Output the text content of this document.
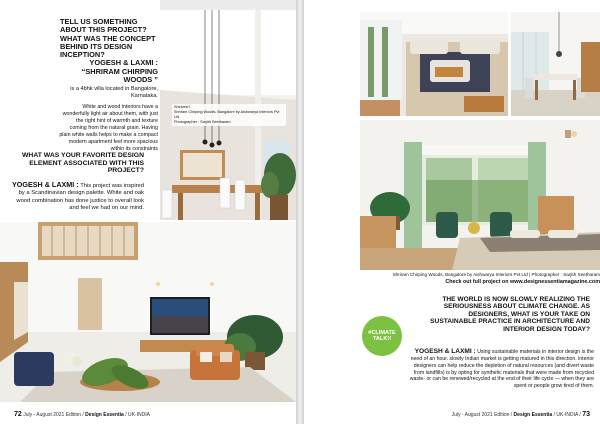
TELL US SOMETHING ABOUT THIS PROJECT? WHAT WAS THE CONCEPT BEHIND ITS DESIGN INCEPTION?
YOGESH & LAXMI :
“SHRIRAM CHIRPING WOODS ”
is a 4bhk villa located in Bangalore, Karnataka.
White and wood interiors have a wonderfully light air about them, with just the right hint of warmth and texture coming from the natural grain. Having plain white walls helps to make a compact modern apartment feel more spacious within its constraints
Shelves!!
Shriram Chirping Woods, Bangalore by Aishwarya Interiors Pvt Ltd
Photographer : Sarjith Seetharam
WHAT WAS YOUR FAVORITE DESIGN ELEMENT ASSOCIATED WITH THIS PROJECT?
YOGESH & LAXMI : This project was inspired by a Scandinavian design palette. White and oak wood combination has done justice to overall look and feel we had on our mind.
72 July - August 2021 Edition / Design Essentia / UK-INDIA
Shriram Chirping Woods, Bangalore by Aishwarya Interiors Pvt Ltd | Photographer : Sarjith Seetharam
Check out full project on www.designessentiamagazine.com
THE WORLD IS NOW SLOWLY REALIZING THE SERIOUSNESS ABOUT CLIMATE CHANGE. AS DESIGNERS, WHAT IS YOUR TAKE ON SUSTAINABLE PRACTICE IN ARCHITECTURE AND INTERIOR DESIGN TODAY?
#CLIMATE TALK!!
YOGESH & LAXMI : Using sustainable materials in interior design is the need of an hour. slowly Indian market is getting matured in this direction. interior designers can help reduce the depletion of natural resources (and divert waste from landfills) is by opting for synthetic materials that were made from recycled waste- or can be renewed/recycled at the end of their life cycle — when they are spent or people grow tired of them.
July - August 2021 Edition / Design Essentia / UK-INDIA / 73
